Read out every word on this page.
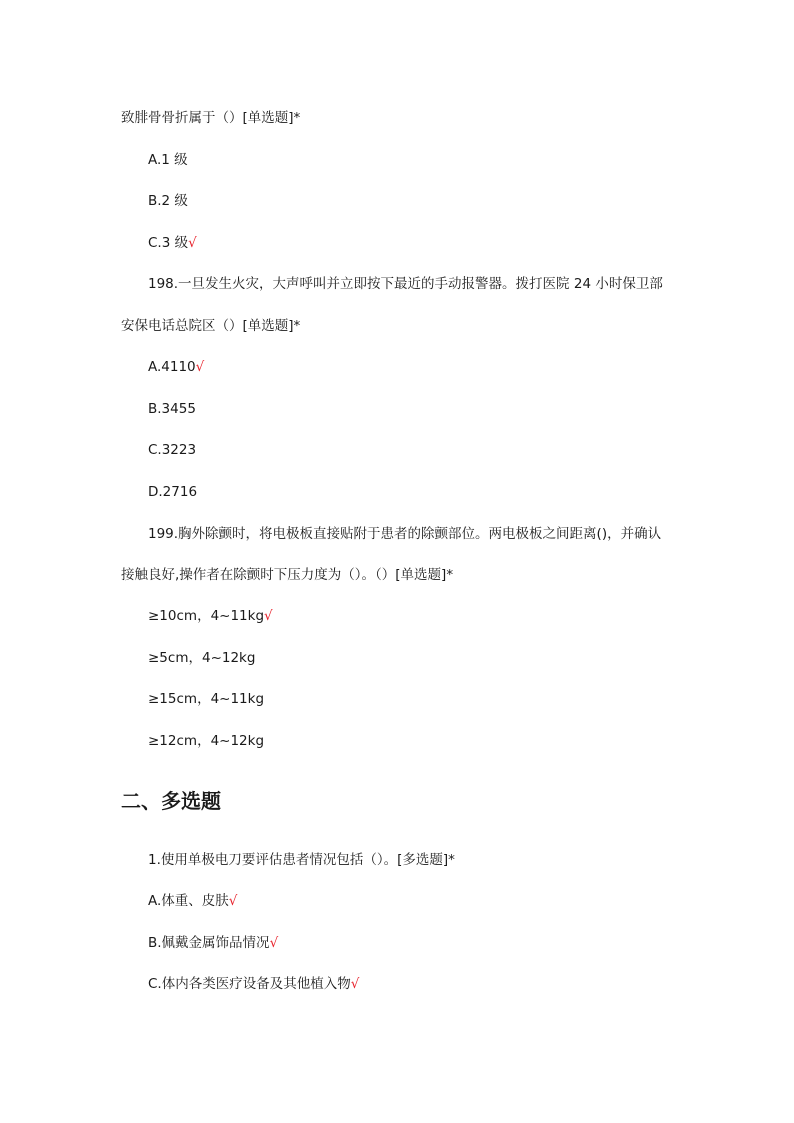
致腓骨骨折属于（）[单选题]*
A.1 级
B.2 级
C.3 级√
198.一旦发生火灾，大声呼叫并立即按下最近的手动报警器。拨打医院 24 小时保卫部
安保电话总院区（）[单选题]*
A.4110√
B.3455
C.3223
D.2716
199.胸外除颤时，将电极板直接贴附于患者的除颤部位。两电极板之间距离()，并确认
接触良好,操作者在除颤时下压力度为（）。（）[单选题]*
≥10cm，4~11kg√
≥5cm，4~12kg
≥15cm，4~11kg
≥12cm，4~12kg
二、多选题
1.使用单极电刀要评估患者情况包括（）。[多选题]*
A.体重、皮肤√
B.佩戴金属饰品情况√
C.体内各类医疗设备及其他植入物√
